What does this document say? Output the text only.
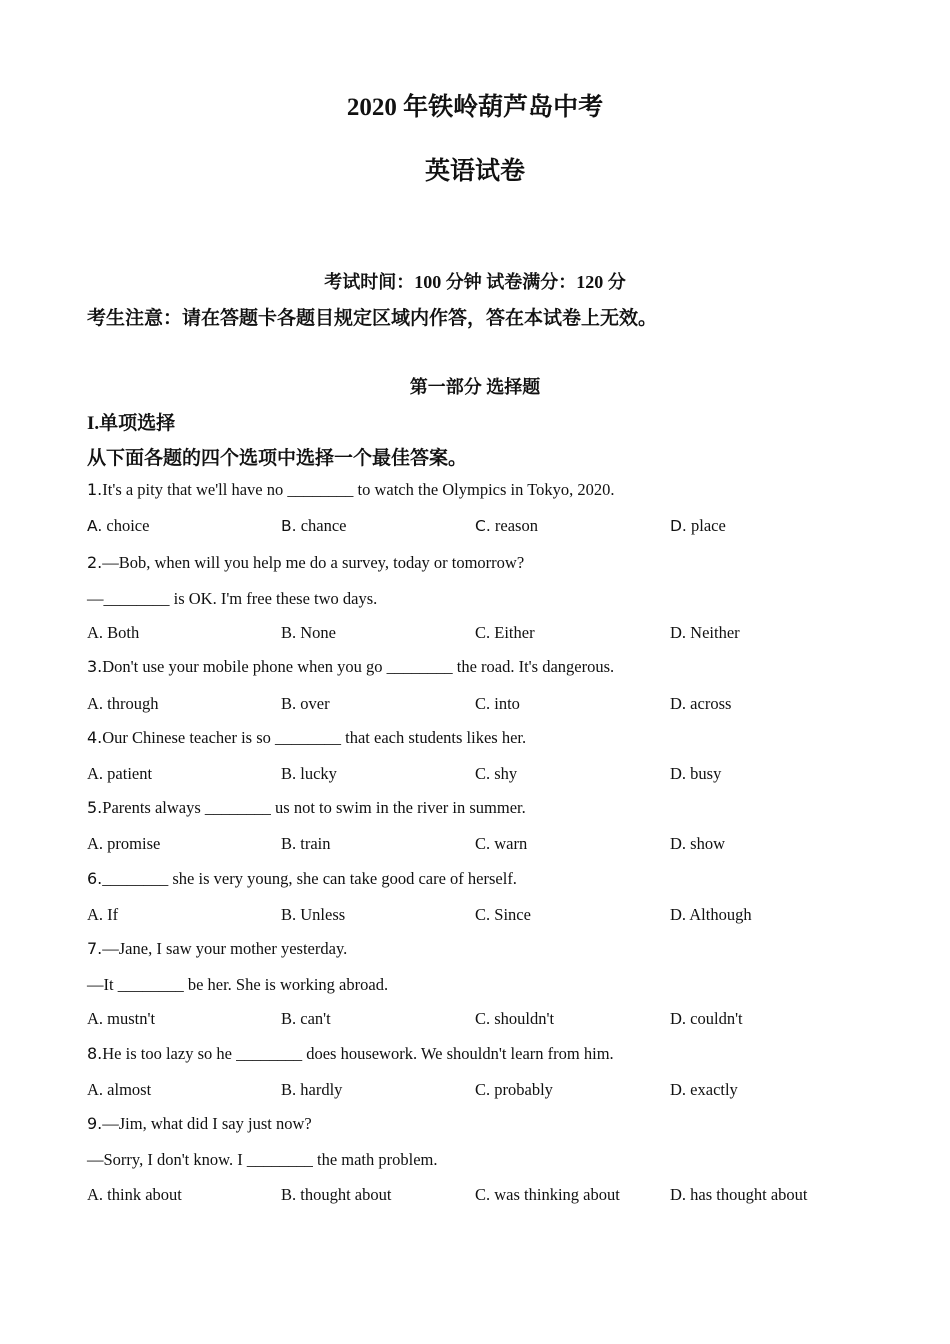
2020 年铁岭葫芦岛中考
英语试卷
考试时间：100 分钟 试卷满分：120 分
考生注意：请在答题卡各题目规定区域内作答，答在本试卷上无效。
第一部分 选择题
I.单项选择
从下面各题的四个选项中选择一个最佳答案。
1.It's a pity that we'll have no ________ to watch the Olympics in Tokyo, 2020.
A. choice	B. chance	C. reason	D. place
2.—Bob, when will you help me do a survey, today or tomorrow?
—________ is OK. I'm free these two days.
A. Both	B. None	C. Either	D. Neither
3.Don't use your mobile phone when you go ________ the road. It's dangerous.
A. through	B. over	C. into	D. across
4.Our Chinese teacher is so ________ that each students likes her.
A. patient	B. lucky	C. shy	D. busy
5.Parents always ________ us not to swim in the river in summer.
A. promise	B. train	C. warn	D. show
6.________ she is very young, she can take good care of herself.
A. If	B. Unless	C. Since	D. Although
7.—Jane, I saw your mother yesterday.
—It ________ be her. She is working abroad.
A. mustn't	B. can't	C. shouldn't	D. couldn't
8.He is too lazy so he ________ does housework. We shouldn't learn from him.
A. almost	B. hardly	C. probably	D. exactly
9.—Jim, what did I say just now?
—Sorry, I don't know. I ________ the math problem.
A. think about	B. thought about	C. was thinking about	D. has thought about
